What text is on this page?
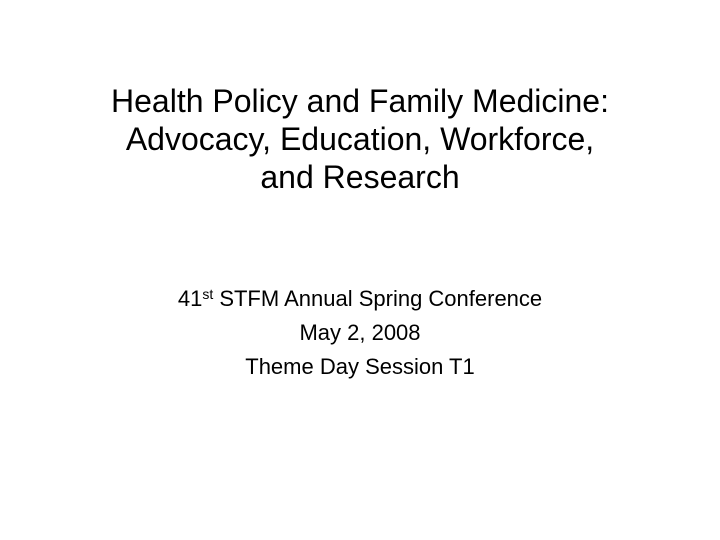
Health Policy and Family Medicine:
Advocacy, Education, Workforce,
and Research
41st STFM Annual Spring Conference
May 2, 2008
Theme Day Session T1
